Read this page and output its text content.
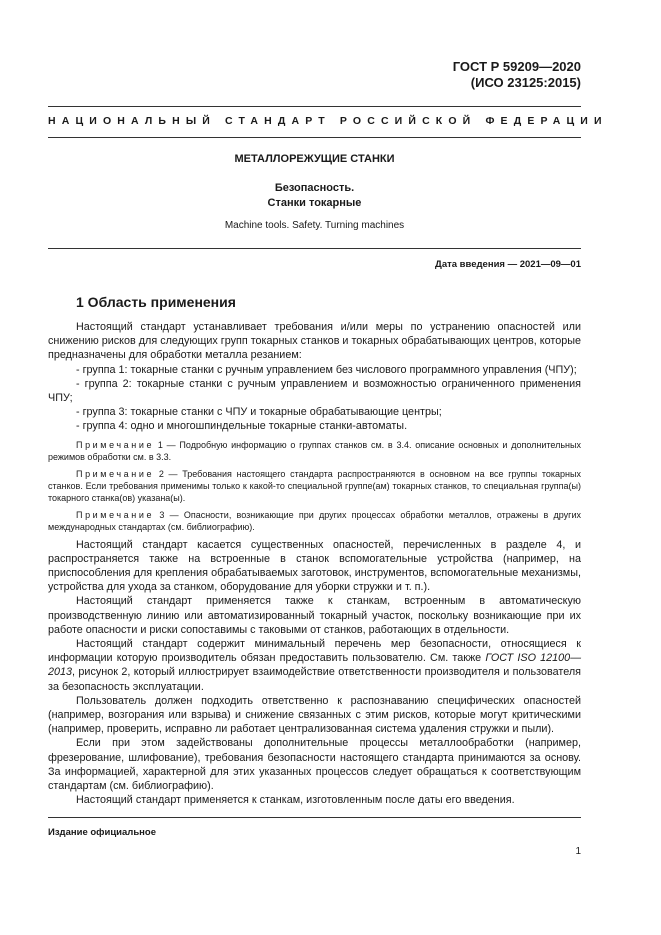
ГОСТ Р 59209—2020
(ИСО 23125:2015)
НАЦИОНАЛЬНЫЙ СТАНДАРТ РОССИЙСКОЙ ФЕДЕРАЦИИ
МЕТАЛЛОРЕЖУЩИЕ СТАНКИ
Безопасность.
Станки токарные
Machine tools. Safety. Turning machines
Дата введения — 2021—09—01
1 Область применения

Настоящий стандарт устанавливает требования и/или меры по устранению опасностей или снижению рисков для следующих групп токарных станков и токарных обрабатывающих центров, которые предназначены для обработки металла резанием:

- группа 1: токарные станки с ручным управлением без числового программного управления (ЧПУ);

- группа 2: токарные станки с ручным управлением и возможностью ограниченного применения ЧПУ;

- группа 3: токарные станки с ЧПУ и токарные обрабатывающие центры;

- группа 4: одно и многошпиндельные токарные станки-автоматы.

Примечание 1 — Подробную информацию о группах станков см. в 3.4. описание основных и дополнительных режимов обработки см. в 3.3.

Примечание 2 — Требования настоящего стандарта распространяются в основном на все группы токарных станков. Если требования применимы только к какой-то специальной группе(ам) токарных станков, то специальная группа(ы) токарного станка(ов) указана(ы).

Примечание 3 — Опасности, возникающие при других процессах обработки металлов, отражены в других международных стандартах (см. библиографию).

Настоящий стандарт касается существенных опасностей, перечисленных в разделе 4, и распространяется также на встроенные в станок вспомогательные устройства (например, на приспособления для крепления обрабатываемых заготовок, инструментов, вспомогательные механизмы, устройства для ухода за станком, оборудование для уборки стружки и т. п.).

Настоящий стандарт применяется также к станкам, встроенным в автоматическую производственную линию или автоматизированный токарный участок, поскольку возникающие при их работе опасности и риски сопоставимы с таковыми от станков, работающих в отдельности.

Настоящий стандарт содержит минимальный перечень мер безопасности, относящиеся к информации которую производитель обязан предоставить пользователю. См. также ГОСТ ISO 12100—2013, рисунок 2, который иллюстрирует взаимодействие ответственности производителя и пользователя за безопасность эксплуатации.

Пользователь должен подходить ответственно к распознаванию специфических опасностей (например, возгорания или взрыва) и снижение связанных с этим рисков, которые могут критическими (например, проверить, исправно ли работает централизованная система удаления стружки и пыли).

Если при этом задействованы дополнительные процессы металлообработки (например, фрезерование, шлифование), требования безопасности настоящего стандарта принимаются за основу. За информацией, характерной для этих указанных процессов следует обращаться к соответствующим стандартам (см. библиографию).

Настоящий стандарт применяется к станкам, изготовленным после даты его введения.

Издание официальное
1
